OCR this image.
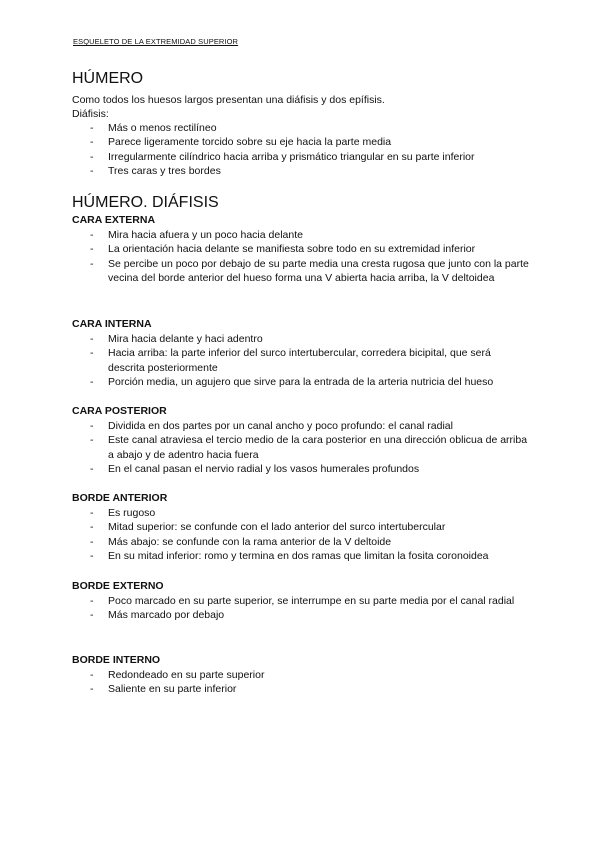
ESQUELETO DE LA EXTREMIDAD SUPERIOR
HÚMERO
Como todos los huesos largos presentan una diáfisis y dos epífisis.
Diáfisis:
- Más o menos rectilíneo
- Parece ligeramente torcido sobre su eje hacia la parte media
- Irregularmente cilíndrico hacia arriba y prismático triangular en su parte inferior
- Tres caras y tres bordes
HÚMERO. DIÁFISIS
CARA EXTERNA
- Mira hacia afuera y un poco hacia delante
- La orientación hacia delante se manifiesta sobre todo en su extremidad inferior
- Se percibe un poco por debajo de su parte media una cresta rugosa que junto con la parte vecina del borde anterior del hueso forma una V abierta hacia arriba, la V deltoidea
CARA INTERNA
- Mira hacia delante y haci adentro
- Hacia arriba: la parte inferior del surco intertubercular, corredera bicipital, que será descrita posteriormente
- Porción media, un agujero que sirve para la entrada de la arteria nutricia del hueso
CARA POSTERIOR
- Dividida en dos partes por un canal ancho y poco profundo: el canal radial
- Este canal atraviesa el tercio medio de la cara posterior en una dirección oblicua de arriba a abajo y de adentro hacia fuera
- En el canal pasan el nervio radial y los vasos humerales profundos
BORDE ANTERIOR
- Es rugoso
- Mitad superior: se confunde con el lado anterior del surco intertubercular
- Más abajo: se confunde con la rama anterior de la V deltoide
- En su mitad inferior: romo y termina en dos ramas que limitan la fosita coronoidea
BORDE EXTERNO
- Poco marcado en su parte superior, se interrumpe en su parte media por el canal radial
- Más marcado por debajo
BORDE INTERNO
- Redondeado en su parte superior
- Saliente en su parte inferior
